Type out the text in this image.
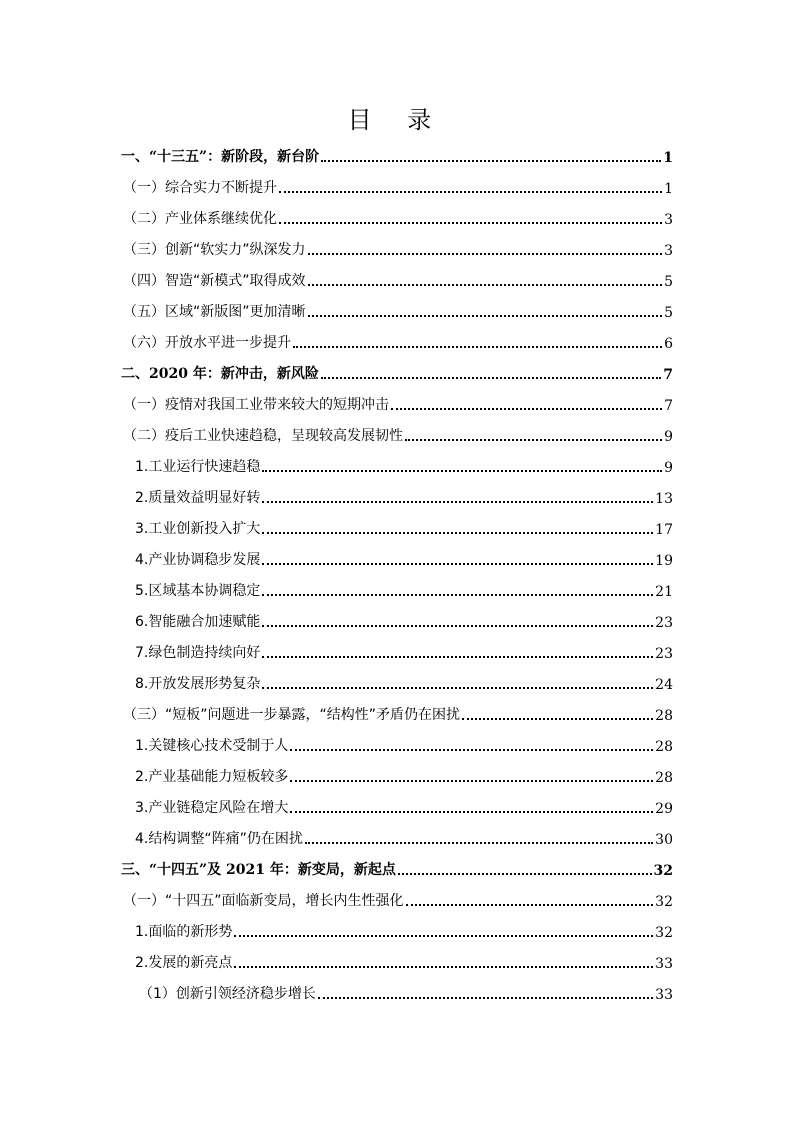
目 录
一、“十三五”：新阶段，新台阶	1
（一）综合实力不断提升	1
（二）产业体系继续优化	3
（三）创新“软实力”纵深发力	3
（四）智造“新模式”取得成效	5
（五）区域“新版图”更加清晰	5
（六）开放水平进一步提升	6
二、2020 年：新冲击，新风险	7
（一）疫情对我国工业带来较大的短期冲击	7
（二）疫后工业快速趋稳，呈现较高发展韧性	9
1.工业运行快速趋稳	9
2.质量效益明显好转	13
3.工业创新投入扩大	17
4.产业协调稳步发展	19
5.区域基本协调稳定	21
6.智能融合加速赋能	23
7.绿色制造持续向好	23
8.开放发展形势复杂	24
（三）“短板”问题进一步暴露，“结构性”矛盾仍在困扰	28
1.关键核心技术受制于人	28
2.产业基础能力短板较多	28
3.产业链稳定风险在增大	29
4.结构调整“阵痛”仍在困扰	30
三、“十四五”及 2021 年：新变局，新起点	32
（一）“十四五”面临新变局，增长内生性强化	32
1.面临的新形势	32
2.发展的新亮点	33
（1）创新引领经济稳步增长	33
